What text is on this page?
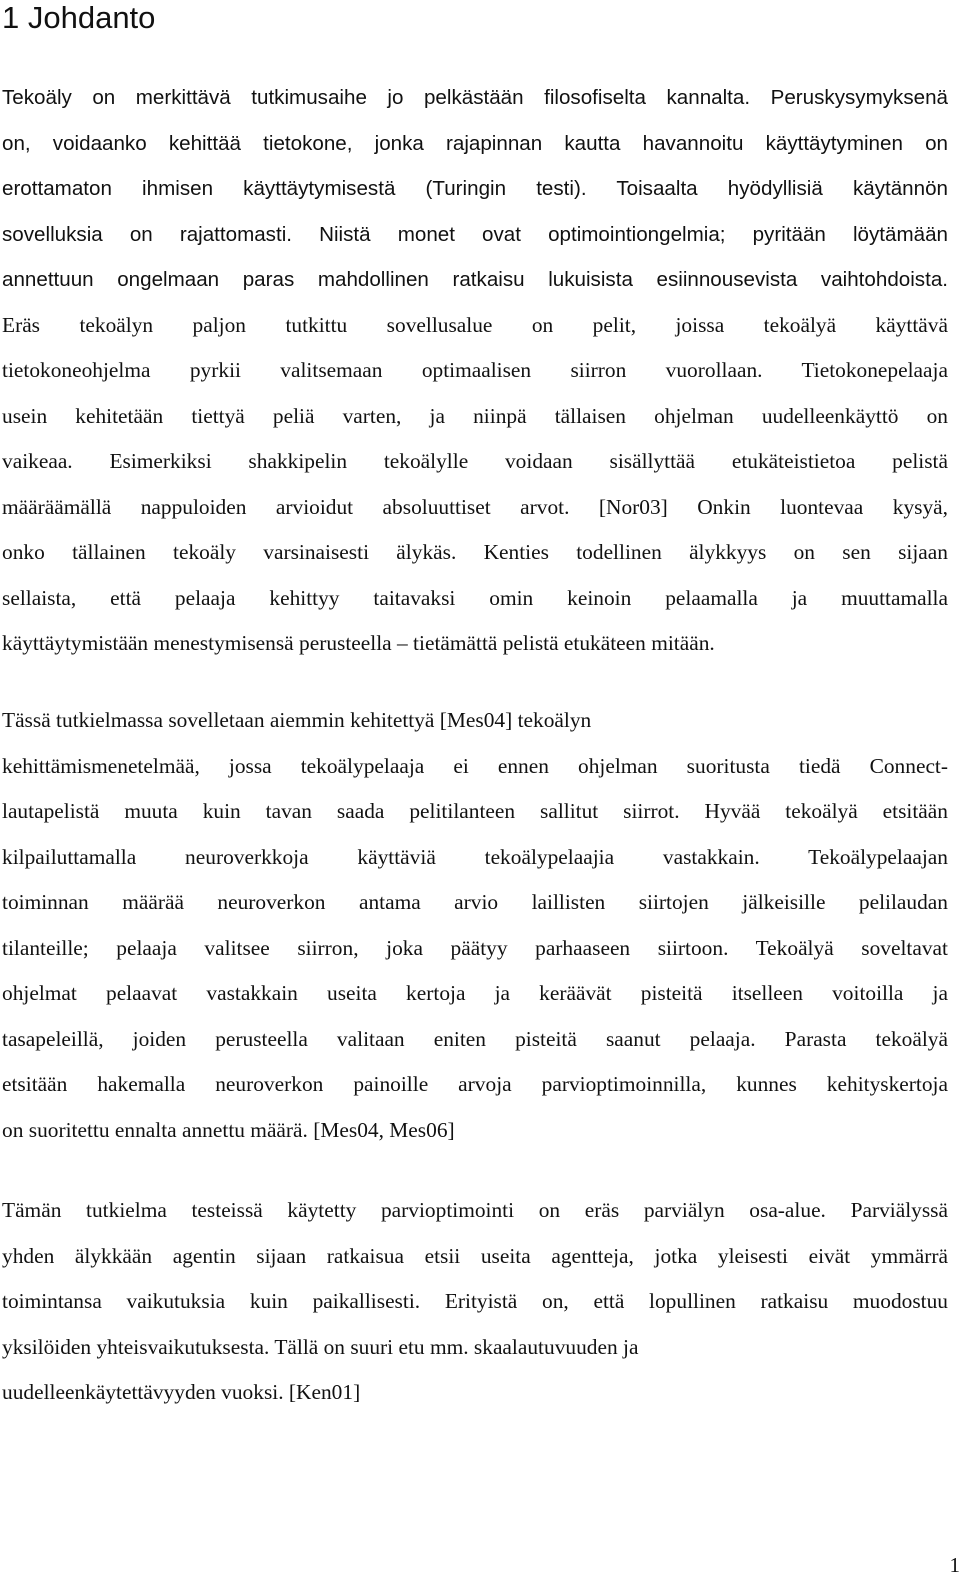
1 Johdanto
Tekoäly on merkittävä tutkimusaihe jo pelkästään filosofiselta kannalta. Peruskysymyksenä
on, voidaanko kehittää tietokone, jonka rajapinnan kautta havannoitu käyttäytyminen on
erottamaton ihmisen käyttäytymisestä (Turingin testi). Toisaalta hyödyllisiä käytännön
sovelluksia on rajattomasti. Niistä monet ovat optimointiongelmia; pyritään löytämään
annettuun ongelmaan paras mahdollinen ratkaisu lukuisista esiinnousevista vaihtohdoista.
Eräs tekoälyn paljon tutkittu sovellusalue on pelit, joissa tekoälyä käyttävä
tietokoneohjelma pyrkii valitsemaan optimaalisen siirron vuorollaan. Tietokonepelaaja
usein kehitetään tiettyä peliä varten, ja niinpä tällaisen ohjelman uudelleenkäyttö on
vaikeaa. Esimerkiksi shakkipelin tekoälylle voidaan sisällyttää etukäteistietoa pelistä
määräämällä nappuloiden arvioidut absoluuttiset arvot. [Nor03] Onkin luontevaa kysyä,
onko tällainen tekoäly varsinaisesti älykäs. Kenties todellinen älykkyys on sen sijaan
sellaista, että pelaaja kehittyy taitavaksi omin keinoin pelaamalla ja muuttamalla
käyttäytymistään menestymisensä perusteella – tietämättä pelistä etukäteen mitään.
Tässä tutkielmassa sovelletaan aiemmin kehitettyä [Mes04] tekoälyn
kehittämismenetelmää, jossa tekoälypelaaja ei ennen ohjelman suoritusta tiedä Connect-
lautapelistä muuta kuin tavan saada pelitilanteen sallitut siirrot. Hyvää tekoälyä etsitään
kilpailuttamalla neuroverkkoja käyttäviä tekoälypelaajia vastakkain. Tekoälypelaajan
toiminnan määrää neuroverkon antama arvio laillisten siirtojen jälkeisille pelilaudan
tilanteille; pelaaja valitsee siirron, joka päätyy parhaaseen siirtoon. Tekoälyä soveltavat
ohjelmat pelaavat vastakkain useita kertoja ja keräävät pisteitä itselleen voitoilla ja
tasapeleillä, joiden perusteella valitaan eniten pisteitä saanut pelaaja. Parasta tekoälyä
etsitään hakemalla neuroverkon painoille arvoja parvioptimoinnilla, kunnes kehityskertoja
on suoritettu ennalta annettu määrä. [Mes04, Mes06]
Tämän tutkielma testeissä käytetty parvioptimointi on eräs parviälyn osa-alue. Parviälyssä
yhden älykkään agentin sijaan ratkaisua etsii useita agentteja, jotka yleisesti eivät ymmärrä
toimintansa vaikutuksia kuin paikallisesti. Erityistä on, että lopullinen ratkaisu muodostuu
yksilöiden yhteisvaikutuksesta. Tällä on suuri etu mm. skaalautuvuuden ja
uudelleenkäytettävyyden vuoksi. [Ken01]
1
